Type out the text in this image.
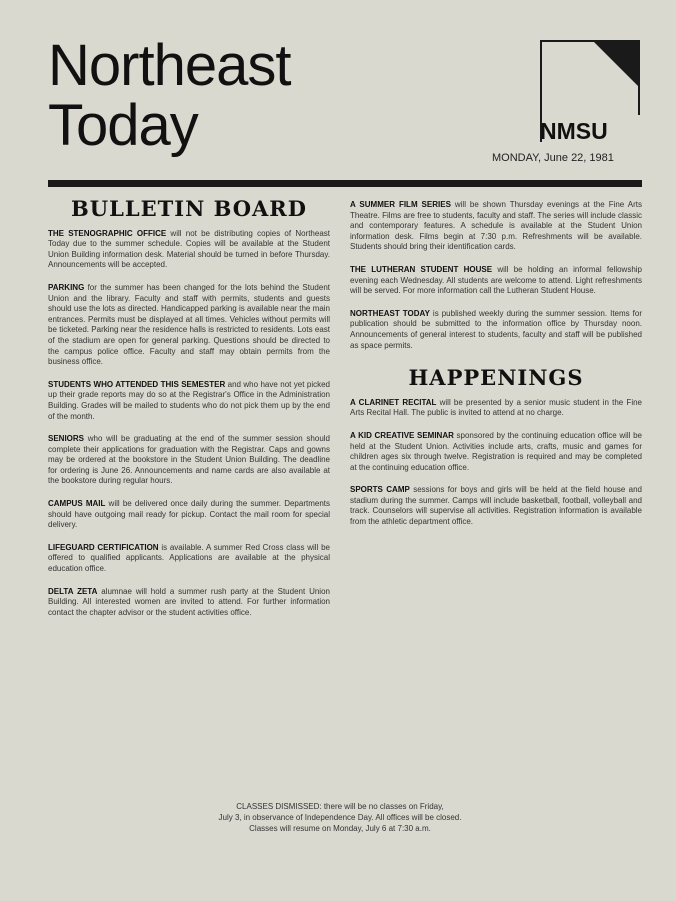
Northeast
Today	NMSU
MONDAY, June 22, 1981
BULLETIN BOARD
THE STENOGRAPHIC OFFICE will not be distributing copies of Northeast Today due to the summer schedule. Copies will be available at the Student Union Building information desk. Material should be turned in before Thursday. Announcements will be accepted.
PARKING for the summer has been changed for the lots behind the Student Union and the library. Faculty and staff with permits, students and guests should use the lots as directed. Handicapped parking is available near the main entrances. Permits must be displayed at all times. Vehicles without permits will be ticketed. Parking near the residence halls is restricted to residents. Lots east of the stadium are open for general parking. Questions should be directed to the campus police office. Faculty and staff may obtain permits from the business office.
STUDENTS WHO ATTENDED THIS SEMESTER and who have not yet picked up their grade reports may do so at the Registrar's Office in the Administration Building. Grades will be mailed to students who do not pick them up by the end of the month.
SENIORS who will be graduating at the end of the summer session should complete their applications for graduation with the Registrar. Caps and gowns may be ordered at the bookstore in the Student Union Building. The deadline for ordering is June 26. Announcements and name cards are also available at the bookstore during regular hours.
CAMPUS MAIL will be delivered once daily during the summer. Departments should have outgoing mail ready for pickup. Contact the mail room for special delivery.
LIFEGUARD CERTIFICATION is available. A summer Red Cross class will be offered to qualified applicants. Applications are available at the physical education office.
DELTA ZETA alumnae will hold a summer rush party at the Student Union Building. All interested women are invited to attend. For further information contact the chapter advisor or the student activities office.
A SUMMER FILM SERIES will be shown Thursday evenings at the Fine Arts Theatre. Films are free to students, faculty and staff. The series will include classic and contemporary features. A schedule is available at the Student Union information desk. Films begin at 7:30 p.m. Refreshments will be available. Students should bring their identification cards.
THE LUTHERAN STUDENT HOUSE will be holding an informal fellowship evening each Wednesday. All students are welcome to attend. Light refreshments will be served. For more information call the Lutheran Student House.
NORTHEAST TODAY is published weekly during the summer session. Items for publication should be submitted to the information office by Thursday noon. Announcements of general interest to students, faculty and staff will be published as space permits.
HAPPENINGS
A CLARINET RECITAL will be presented by a senior music student in the Fine Arts Recital Hall. The public is invited to attend at no charge.
A KID CREATIVE SEMINAR sponsored by the continuing education office will be held at the Student Union. Activities include arts, crafts, music and games for children ages six through twelve. Registration is required and may be completed at the continuing education office.
SPORTS CAMP sessions for boys and girls will be held at the field house and stadium during the summer. Camps will include basketball, football, volleyball and track. Counselors will supervise all activities. Registration information is available from the athletic department office.
CLASSES DISMISSED: there will be no classes on Friday,
July 3, in observance of Independence Day. All offices will be closed.
Classes will resume on Monday, July 6 at 7:30 a.m.
